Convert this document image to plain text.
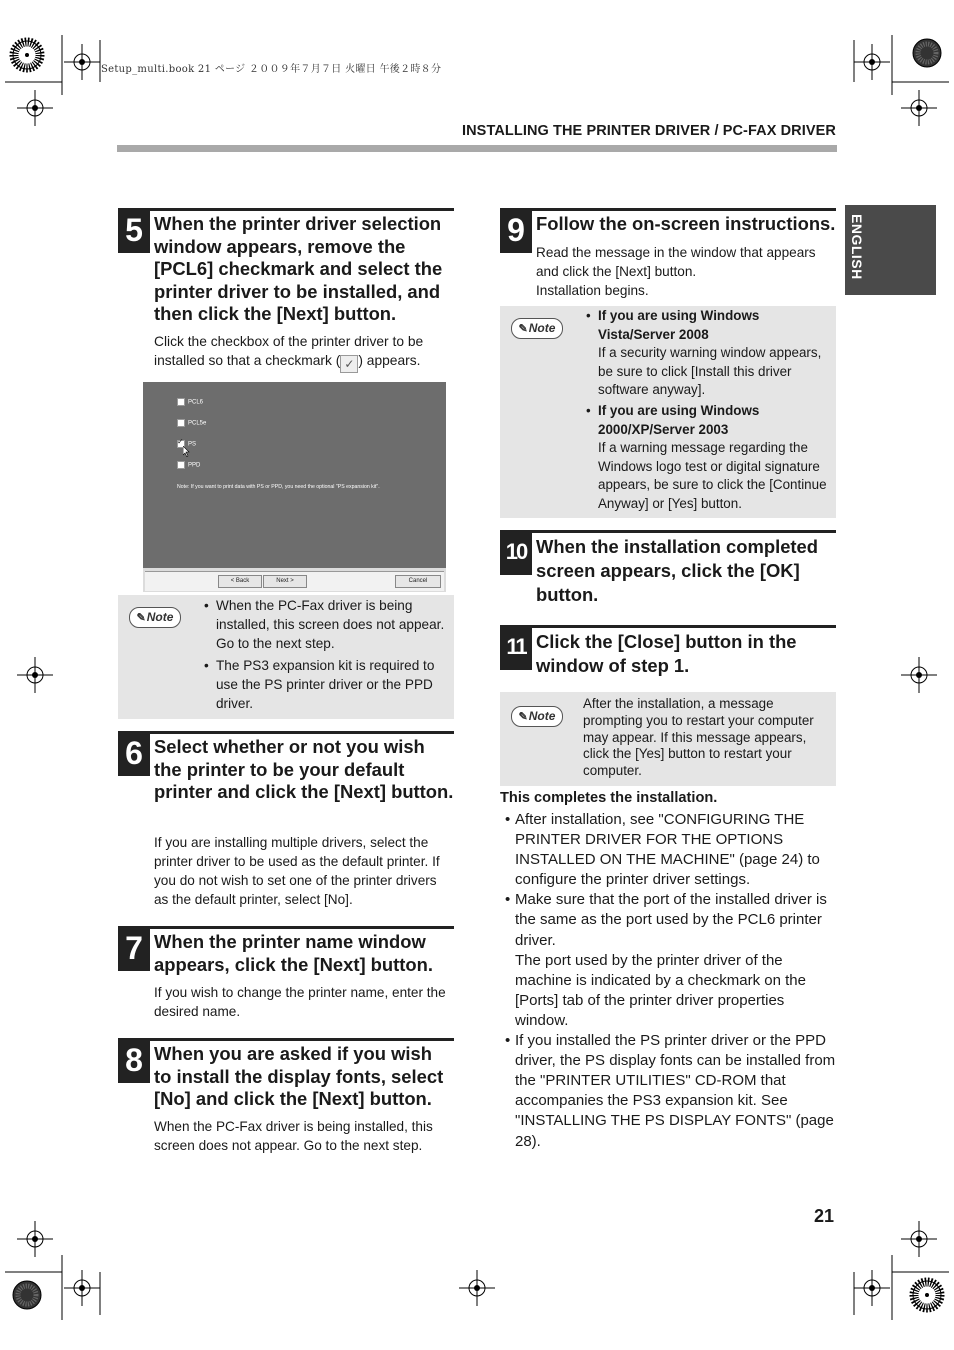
Setup_multi.book 21 ページ ２００９年７月７日 火曜日 午後２時８分
INSTALLING THE PRINTER DRIVER / PC-FAX DRIVER
ENGLISH
5 When the printer driver selection window appears, remove the [PCL6] checkmark and select the printer driver to be installed, and then click the [Next] button.
Click the checkbox of the printer driver to be installed so that a checkmark ( ✓ ) appears.
PCL6
PCL5e
✓PS
PPD
Note: If you want to print data with PS or PPD, you need the optional "PS expansion kit".
< Back	Next >	Cancel
✎Note
• When the PC-Fax driver is being installed, this screen does not appear. Go to the next step.
• The PS3 expansion kit is required to use the PS printer driver or the PPD driver.
6 Select whether or not you wish the printer to be your default printer and click the [Next] button.
If you are installing multiple drivers, select the printer driver to be used as the default printer. If you do not wish to set one of the printer drivers as the default printer, select [No].
7 When the printer name window appears, click the [Next] button.
If you wish to change the printer name, enter the desired name.
8 When you are asked if you wish to install the display fonts, select [No] and click the [Next] button.
When the PC-Fax driver is being installed, this screen does not appear. Go to the next step.
9 Follow the on-screen instructions.
Read the message in the window that appears and click the [Next] button.
Installation begins.
✎Note
• If you are using Windows Vista/Server 2008
If a security warning window appears, be sure to click [Install this driver software anyway].
• If you are using Windows 2000/XP/Server 2003
If a warning message regarding the Windows logo test or digital signature appears, be sure to click the [Continue Anyway] or [Yes] button.
10 When the installation completed screen appears, click the [OK] button.
11 Click the [Close] button in the window of step 1.
✎Note
After the installation, a message prompting you to restart your computer may appear. If this message appears, click the [Yes] button to restart your computer.
This completes the installation.
• After installation, see "CONFIGURING THE PRINTER DRIVER FOR THE OPTIONS INSTALLED ON THE MACHINE" (page 24) to configure the printer driver settings.
• Make sure that the port of the installed driver is the same as the port used by the PCL6 printer driver.
The port used by the printer driver of the machine is indicated by a checkmark on the [Ports] tab of the printer driver properties window.
• If you installed the PS printer driver or the PPD driver, the PS display fonts can be installed from the "PRINTER UTILITIES" CD-ROM that accompanies the PS3 expansion kit. See "INSTALLING THE PS DISPLAY FONTS" (page 28).
21
